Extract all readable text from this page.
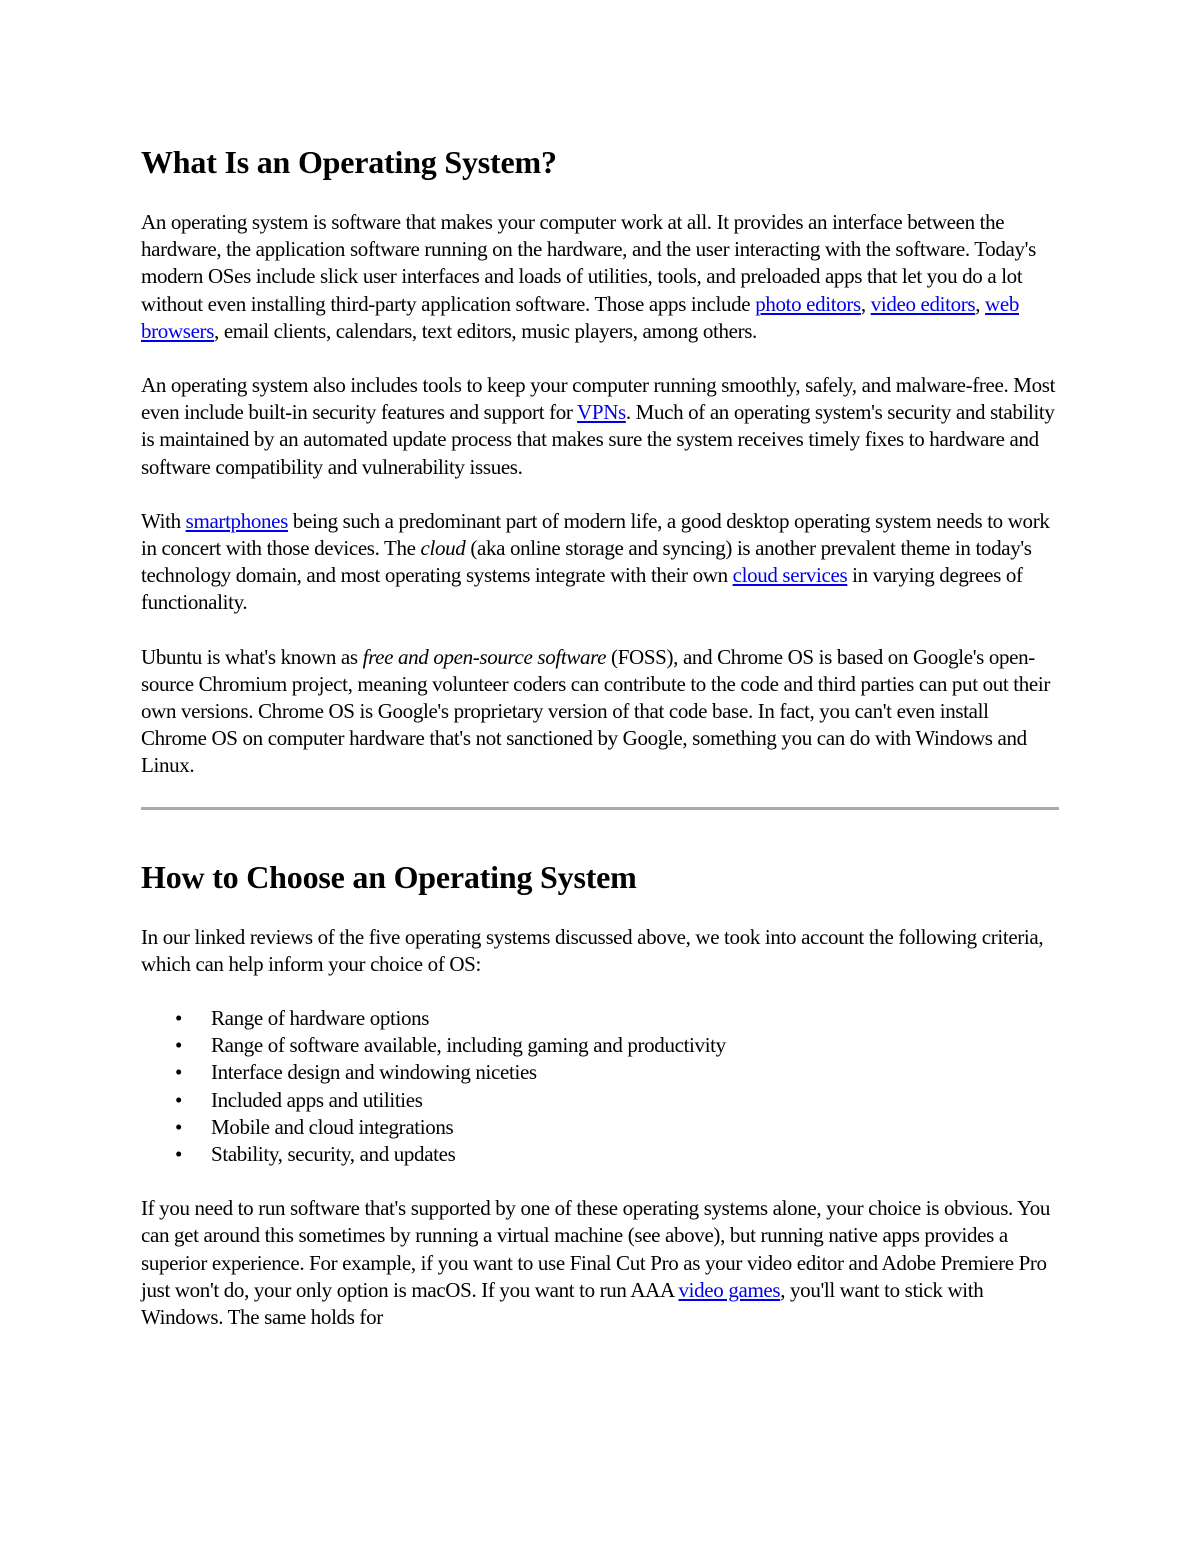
What Is an Operating System?

An operating system is software that makes your computer work at all. It provides an interface between the hardware, the application software running on the hardware, and the user interacting with the software. Today's modern OSes include slick user interfaces and loads of utilities, tools, and preloaded apps that let you do a lot without even installing third-party application software. Those apps include photo editors, video editors, web browsers, email clients, calendars, text editors, music players, among others.

An operating system also includes tools to keep your computer running smoothly, safely, and malware-free. Most even include built-in security features and support for VPNs. Much of an operating system's security and stability is maintained by an automated update process that makes sure the system receives timely fixes to hardware and software compatibility and vulnerability issues.

With smartphones being such a predominant part of modern life, a good desktop operating system needs to work in concert with those devices. The cloud (aka online storage and syncing) is another prevalent theme in today's technology domain, and most operating systems integrate with their own cloud services in varying degrees of functionality.

Ubuntu is what's known as free and open-source software (FOSS), and Chrome OS is based on Google's open-source Chromium project, meaning volunteer coders can contribute to the code and third parties can put out their own versions. Chrome OS is Google's proprietary version of that code base. In fact, you can't even install Chrome OS on computer hardware that's not sanctioned by Google, something you can do with Windows and Linux.

How to Choose an Operating System

In our linked reviews of the five operating systems discussed above, we took into account the following criteria, which can help inform your choice of OS:

• Range of hardware options
• Range of software available, including gaming and productivity
• Interface design and windowing niceties
• Included apps and utilities
• Mobile and cloud integrations
• Stability, security, and updates

If you need to run software that's supported by one of these operating systems alone, your choice is obvious. You can get around this sometimes by running a virtual machine (see above), but running native apps provides a superior experience. For example, if you want to use Final Cut Pro as your video editor and Adobe Premiere Pro just won't do, your only option is macOS. If you want to run AAA video games, you'll want to stick with Windows. The same holds for
